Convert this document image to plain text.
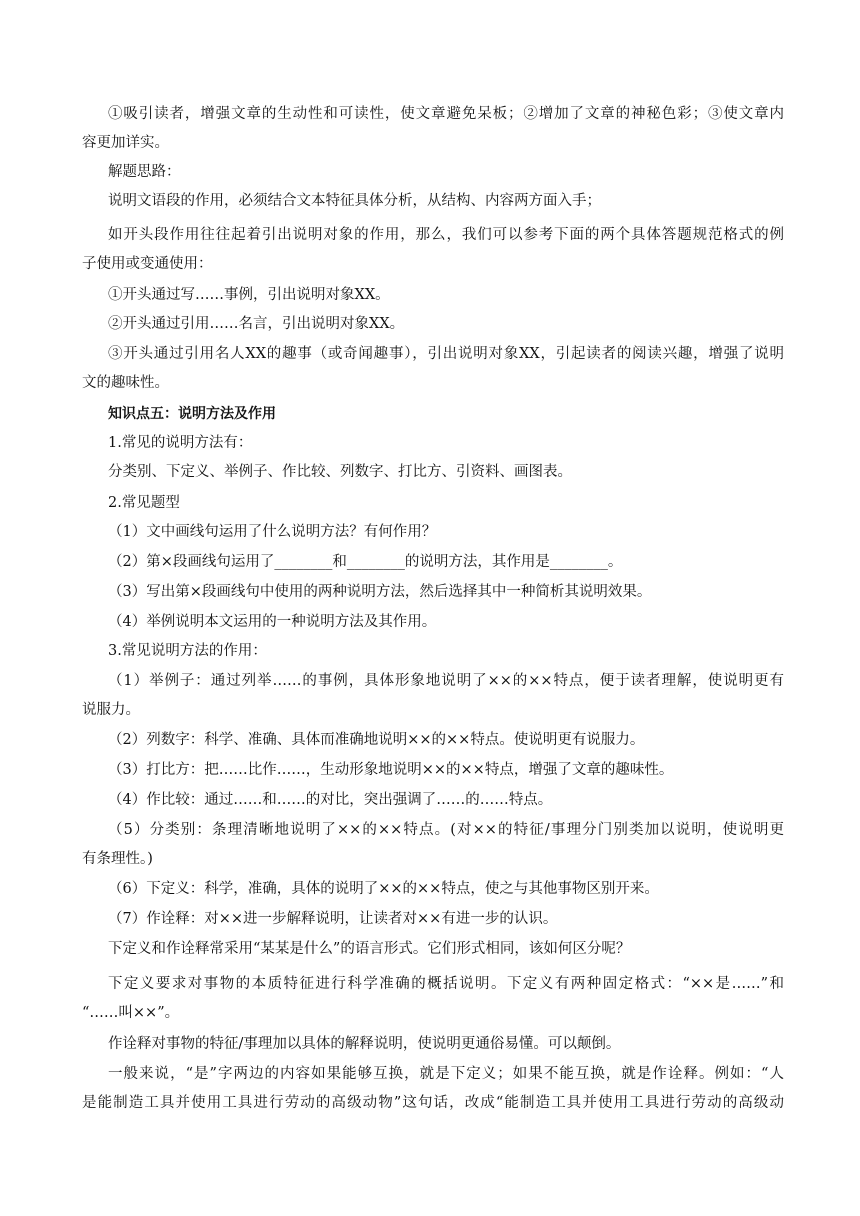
①吸引读者，增强文章的生动性和可读性，使文章避免呆板；②增加了文章的神秘色彩；③使文章内
容更加详实。
解题思路：
说明文语段的作用，必须结合文本特征具体分析，从结构、内容两方面入手；
如开头段作用往往起着引出说明对象的作用，那么，我们可以参考下面的两个具体答题规范格式的例
子使用或变通使用：
①开头通过写……事例，引出说明对象XX。
②开头通过引用……名言，引出说明对象XX。
③开头通过引用名人XX的趣事（或奇闻趣事），引出说明对象XX，引起读者的阅读兴趣，增强了说明
文的趣味性。
知识点五：说明方法及作用
1.常见的说明方法有：
分类别、下定义、举例子、作比较、列数字、打比方、引资料、画图表。
2.常见题型
（1）文中画线句运用了什么说明方法？有何作用？
（2）第×段画线句运用了________和________的说明方法，其作用是________。
（3）写出第×段画线句中使用的两种说明方法，然后选择其中一种简析其说明效果。
（4）举例说明本文运用的一种说明方法及其作用。
3.常见说明方法的作用：
（1）举例子：通过列举……的事例，具体形象地说明了××的××特点，便于读者理解，使说明更有
说服力。
（2）列数字：科学、准确、具体而准确地说明××的××特点。使说明更有说服力。
（3）打比方：把……比作……，生动形象地说明××的××特点，增强了文章的趣味性。
（4）作比较：通过……和……的对比，突出强调了……的……特点。
（5）分类别：条理清晰地说明了××的××特点。(对××的特征/事理分门别类加以说明，使说明更
有条理性。)
（6）下定义：科学，准确，具体的说明了××的××特点，使之与其他事物区别开来。
（7）作诠释：对××进一步解释说明，让读者对××有进一步的认识。
下定义和作诠释常采用“某某是什么”的语言形式。它们形式相同，该如何区分呢？
下定义要求对事物的本质特征进行科学准确的概括说明。下定义有两种固定格式：“××是……”和
“……叫××”。
作诠释对事物的特征/事理加以具体的解释说明，使说明更通俗易懂。可以颠倒。
一般来说，“是”字两边的内容如果能够互换，就是下定义；如果不能互换，就是作诠释。例如：“人
是能制造工具并使用工具进行劳动的高级动物”这句话，改成“能制造工具并使用工具进行劳动的高级动
